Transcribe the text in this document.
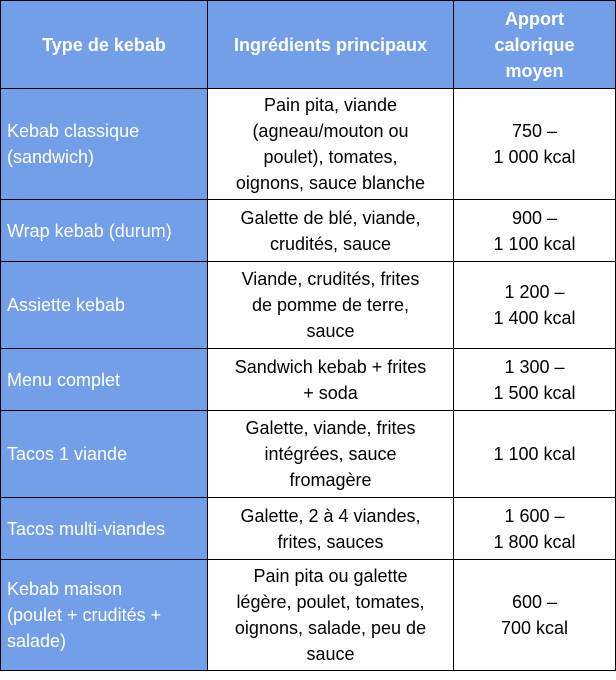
Type de kebab	Ingrédients principaux	Apport
calorique
moyen

Kebab classique
(sandwich)	Pain pita, viande
(agneau/mouton ou
poulet), tomates,
oignons, sauce blanche	750 –
1 000 kcal

Wrap kebab (durum)	Galette de blé, viande,
crudités, sauce	900 –
1 100 kcal

Assiette kebab	Viande, crudités, frites
de pomme de terre,
sauce	1 200 –
1 400 kcal

Menu complet	Sandwich kebab + frites
+ soda	1 300 –
1 500 kcal

Tacos 1 viande	Galette, viande, frites
intégrées, sauce
fromagère	1 100 kcal

Tacos multi-viandes	Galette, 2 à 4 viandes,
frites, sauces	1 600 –
1 800 kcal

Kebab maison
(poulet + crudités +
salade)	Pain pita ou galette
légère, poulet, tomates,
oignons, salade, peu de
sauce	600 –
700 kcal
